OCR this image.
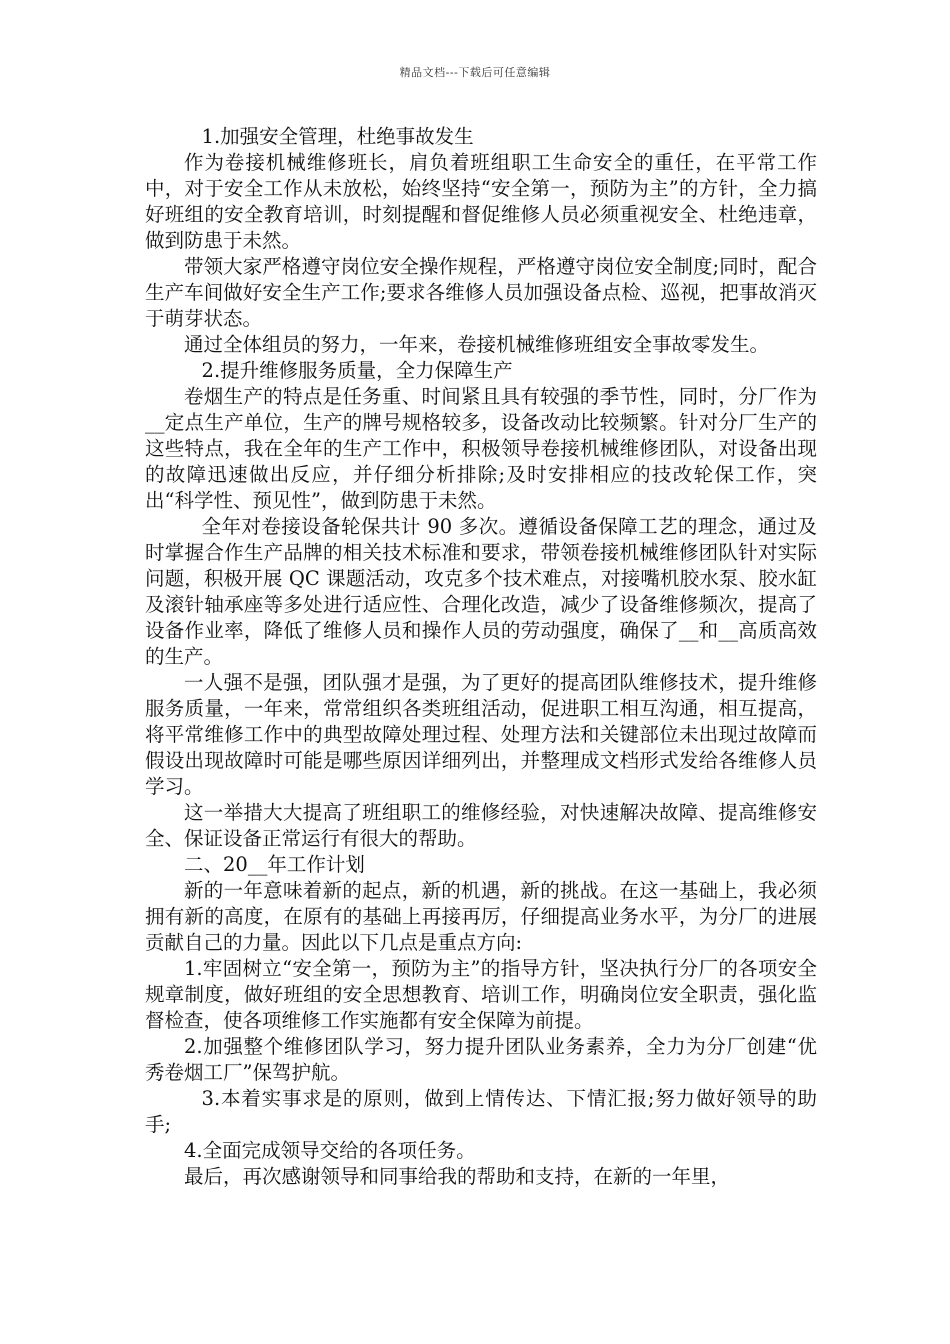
精品文档---下载后可任意编辑

1.加强安全管理，杜绝事故发生

作为卷接机械维修班长，肩负着班组职工生命安全的重任，在平常工作中，对于安全工作从未放松，始终坚持“安全第一，预防为主”的方针，全力搞好班组的安全教育培训，时刻提醒和督促维修人员必须重视安全、杜绝违章，做到防患于未然。

带领大家严格遵守岗位安全操作规程，严格遵守岗位安全制度;同时，配合生产车间做好安全生产工作;要求各维修人员加强设备点检、巡视，把事故消灭于萌芽状态。

通过全体组员的努力，一年来，卷接机械维修班组安全事故零发生。

2.提升维修服务质量，全力保障生产

卷烟生产的特点是任务重、时间紧且具有较强的季节性，同时，分厂作为__定点生产单位，生产的牌号规格较多，设备改动比较频繁。针对分厂生产的这些特点，我在全年的生产工作中，积极领导卷接机械维修团队，对设备出现的故障迅速做出反应，并仔细分析排除;及时安排相应的技改轮保工作，突出“科学性、预见性”，做到防患于未然。

全年对卷接设备轮保共计 90 多次。遵循设备保障工艺的理念，通过及时掌握合作生产品牌的相关技术标准和要求，带领卷接机械维修团队针对实际问题，积极开展 QC 课题活动，攻克多个技术难点，对接嘴机胶水泵、胶水缸及滚针轴承座等多处进行适应性、合理化改造，减少了设备维修频次，提高了设备作业率，降低了维修人员和操作人员的劳动强度，确保了__和__高质高效的生产。

一人强不是强，团队强才是强，为了更好的提高团队维修技术，提升维修服务质量，一年来，常常组织各类班组活动，促进职工相互沟通，相互提高，将平常维修工作中的典型故障处理过程、处理方法和关键部位未出现过故障而假设出现故障时可能是哪些原因详细列出，并整理成文档形式发给各维修人员学习。

这一举措大大提高了班组职工的维修经验，对快速解决故障、提高维修安全、保证设备正常运行有很大的帮助。

二、20__年工作计划

新的一年意味着新的起点，新的机遇，新的挑战。在这一基础上，我必须拥有新的高度，在原有的基础上再接再厉，仔细提高业务水平，为分厂的进展贡献自己的力量。因此以下几点是重点方向:

1.牢固树立“安全第一，预防为主”的指导方针，坚决执行分厂的各项安全规章制度，做好班组的安全思想教育、培训工作，明确岗位安全职责，强化监督检查，使各项维修工作实施都有安全保障为前提。

2.加强整个维修团队学习，努力提升团队业务素养，全力为分厂创建“优秀卷烟工厂”保驾护航。

3.本着实事求是的原则，做到上情传达、下情汇报;努力做好领导的助手;

4.全面完成领导交给的各项任务。

最后，再次感谢领导和同事给我的帮助和支持，在新的一年里，
